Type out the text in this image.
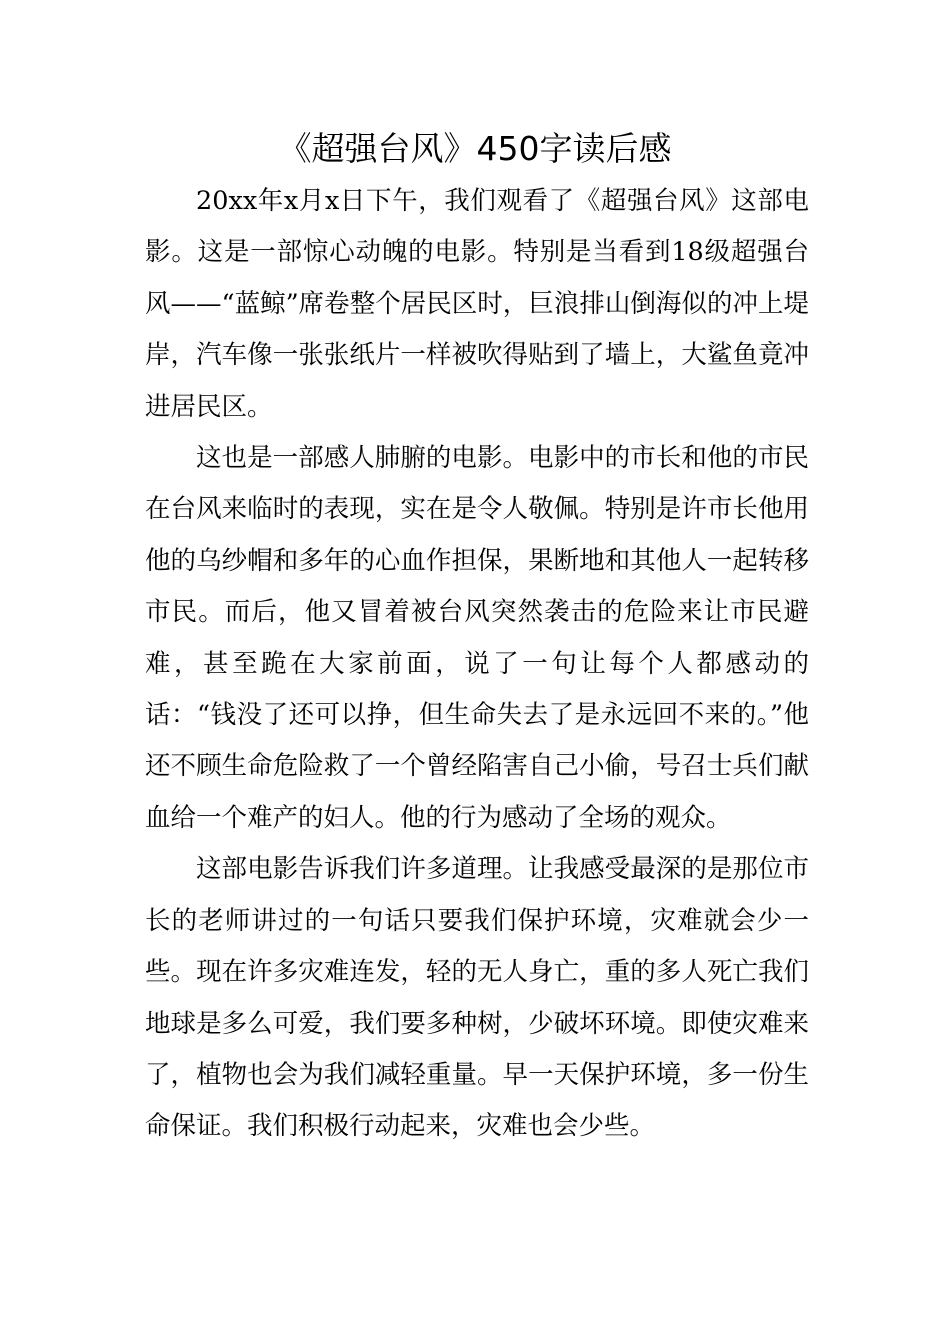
《超强台风》450字读后感

20xx年x月x日下午，我们观看了《超强台风》这部电影。这是一部惊心动魄的电影。特别是当看到18级超强台风——“蓝鲸”席卷整个居民区时，巨浪排山倒海似的冲上堤岸，汽车像一张张纸片一样被吹得贴到了墙上，大鲨鱼竟冲进居民区。

这也是一部感人肺腑的电影。电影中的市长和他的市民在台风来临时的表现，实在是令人敬佩。特别是许市长他用他的乌纱帽和多年的心血作担保，果断地和其他人一起转移市民。而后，他又冒着被台风突然袭击的危险来让市民避难，甚至跪在大家前面，说了一句让每个人都感动的话：“钱没了还可以挣，但生命失去了是永远回不来的。”他还不顾生命危险救了一个曾经陷害自己小偷，号召士兵们献血给一个难产的妇人。他的行为感动了全场的观众。

这部电影告诉我们许多道理。让我感受最深的是那位市长的老师讲过的一句话只要我们保护环境，灾难就会少一些。现在许多灾难连发，轻的无人身亡，重的多人死亡我们地球是多么可爱，我们要多种树，少破坏环境。即使灾难来了，植物也会为我们减轻重量。早一天保护环境，多一份生命保证。我们积极行动起来，灾难也会少些。
